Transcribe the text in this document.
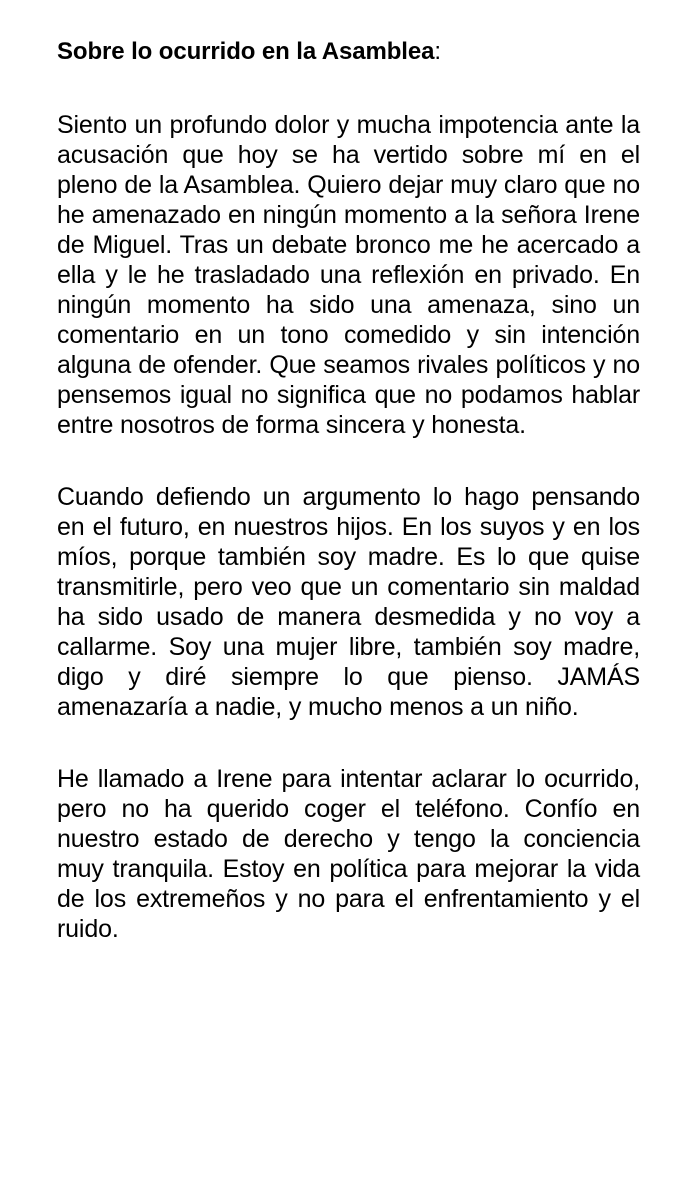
Sobre lo ocurrido en la Asamblea:

Siento un profundo dolor y mucha impotencia ante la acusación que hoy se ha vertido sobre mí en el pleno de la Asamblea. Quiero dejar muy claro que no he amenazado en ningún momento a la señora Irene de Miguel. Tras un debate bronco me he acercado a ella y le he trasladado una reflexión en privado. En ningún momento ha sido una amenaza, sino un comentario en un tono comedido y sin intención alguna de ofender. Que seamos rivales políticos y no pensemos igual no significa que no podamos hablar entre nosotros de forma sincera y honesta.

Cuando defiendo un argumento lo hago pensando en el futuro, en nuestros hijos. En los suyos y en los míos, porque también soy madre. Es lo que quise transmitirle, pero veo que un comentario sin maldad ha sido usado de manera desmedida y no voy a callarme. Soy una mujer libre, también soy madre, digo y diré siempre lo que pienso. JAMÁS amenazaría a nadie, y mucho menos a un niño.

He llamado a Irene para intentar aclarar lo ocurrido, pero no ha querido coger el teléfono. Confío en nuestro estado de derecho y tengo la conciencia muy tranquila. Estoy en política para mejorar la vida de los extremeños y no para el enfrentamiento y el ruido.
